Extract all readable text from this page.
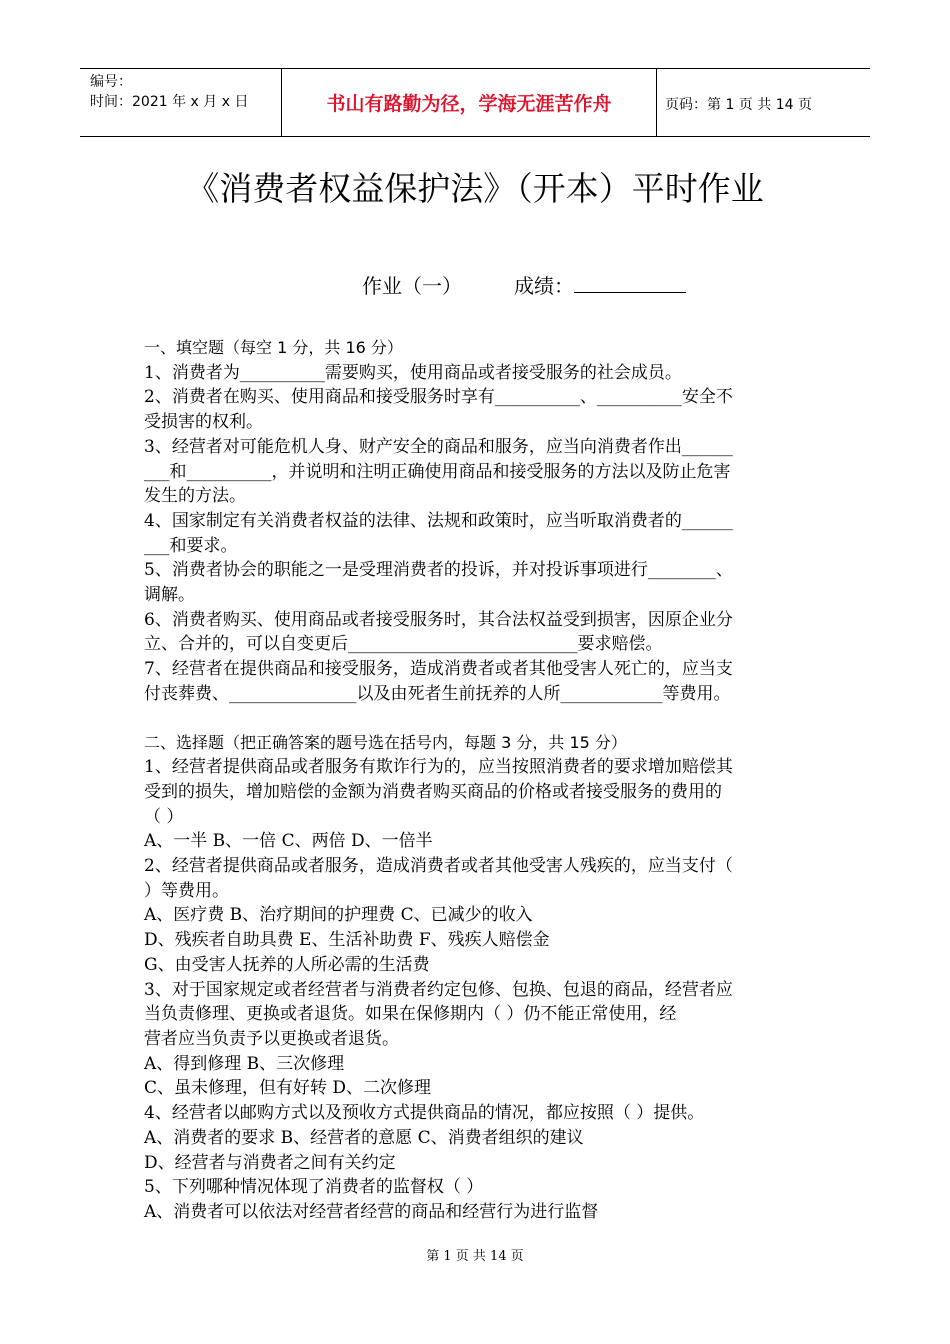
编号：
时间：2021 年 x 月 x 日	书山有路勤为径，学海无涯苦作舟	页码：第 1 页 共 14 页
《消费者权益保护法》（开本）平时作业
作业（一）	成绩：

一、填空题（每空 1 分，共 16 分）

1、消费者为__________需要购买，使用商品或者接受服务的社会成员。

2、消费者在购买、使用商品和接受服务时享有__________、__________安全不

受损害的权利。

3、经营者对可能危机人身、财产安全的商品和服务，应当向消费者作出______

___和__________，并说明和注明正确使用商品和接受服务的方法以及防止危害

发生的方法。

4、国家制定有关消费者权益的法律、法规和政策时，应当听取消费者的______

___和要求。

5、消费者协会的职能之一是受理消费者的投诉，并对投诉事项进行________、

调解。

6、消费者购买、使用商品或者接受服务时，其合法权益受到损害，因原企业分

立、合并的，可以自变更后___________________________要求赔偿。

7、经营者在提供商品和接受服务，造成消费者或者其他受害人死亡的，应当支

付丧葬费、_______________以及由死者生前抚养的人所____________等费用。

二、选择题（把正确答案的题号选在括号内，每题 3 分，共 15 分）

1、经营者提供商品或者服务有欺诈行为的，应当按照消费者的要求增加赔偿其

受到的损失，增加赔偿的金额为消费者购买商品的价格或者接受服务的费用的

（ ）

A、一半 B、一倍 C、两倍 D、一倍半

2、经营者提供商品或者服务，造成消费者或者其他受害人残疾的，应当支付（

）等费用。

A、医疗费 B、治疗期间的护理费 C、已减少的收入

D、残疾者自助具费 E、生活补助费 F、残疾人赔偿金

G、由受害人抚养的人所必需的生活费

3、对于国家规定或者经营者与消费者约定包修、包换、包退的商品，经营者应

当负责修理、更换或者退货。如果在保修期内（ ）仍不能正常使用，经

营者应当负责予以更换或者退货。

A、得到修理 B、三次修理

C、虽未修理，但有好转 D、二次修理

4、经营者以邮购方式以及预收方式提供商品的情况，都应按照（ ）提供。

A、消费者的要求 B、经营者的意愿 C、消费者组织的建议

D、经营者与消费者之间有关约定

5、下列哪种情况体现了消费者的监督权（ ）

A、消费者可以依法对经营者经营的商品和经营行为进行监督

第 1 页 共 14 页
